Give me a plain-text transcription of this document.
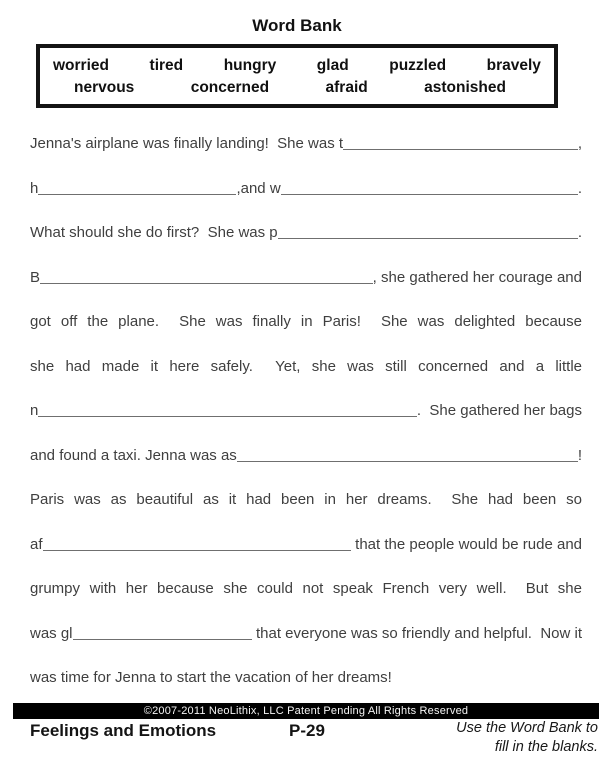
Word Bank
worried	tired	hungry	glad	puzzled	bravely
nervous	concerned	afraid	astonished
Jenna's airplane was finally landing!  She was t	,
h	,and w	.
What should she do first?  She was p	.
B	, she gathered her courage and
got off the plane.  She was finally in Paris!  She was delighted because
she had made it here safely.  Yet, she was still concerned and a little
n	.  She gathered her bags
and found a taxi. Jenna was as	!
Paris was as beautiful as it had been in her dreams.  She had been so
af	that the people would be rude and
grumpy with her because she could not speak French very well.  But she
was gl	that everyone was so friendly and helpful.  Now it
was time for Jenna to start the vacation of her dreams!
©2007-2011 NeoLithix, LLC Patent Pending All Rights Reserved
Feelings and Emotions	P-29	Use the Word Bank to
fill in the blanks.
